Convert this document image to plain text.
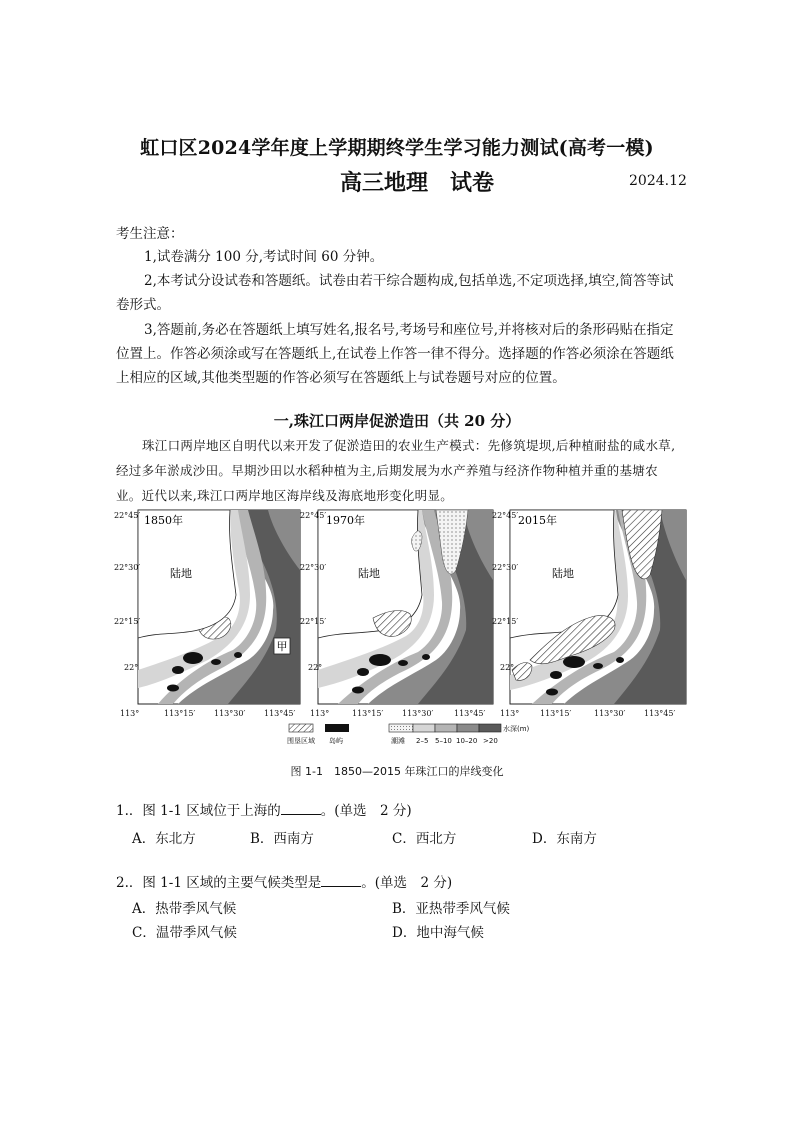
虹口区2024学年度上学期期终学生学习能力测试(高考一模)
高三地理　试卷	2024.12
考生注意：
1,试卷满分 100 分,考试时间 60 分钟。
2,本考试分设试卷和答题纸。试卷由若干综合题构成,包括单选,不定项选择,填空,简答等试卷形式。
3,答题前,务必在答题纸上填写姓名,报名号,考场号和座位号,并将核对后的条形码贴在指定位置上。作答必须涂或写在答题纸上,在试卷上作答一律不得分。选择题的作答必须涂在答题纸上相应的区域,其他类型题的作答必须写在答题纸上与试卷题号对应的位置。
一,珠江口两岸促淤造田（共 20 分）
珠江口两岸地区自明代以来开发了促淤造田的农业生产模式：先修筑堤坝,后种植耐盐的咸水草,经过多年淤成沙田。早期沙田以水稻种植为主,后期发展为水产养殖与经济作物种植并重的基塘农业。近代以来,珠江口两岸地区海岸线及海底地形变化明显。
甲
1850年
陆地
1970年
陆地
2015年
陆地
22°45′
22°30′
22°15′
22°
22°45′
22°30′
22°15′
22°
22°45′
22°30′
22°15′
22°
113°	113°15′ 113°30′ 113°45′ 113°	113°15′ 113°30′	113°45′ 113°	113°15′	113°30′ 113°45′
围垦区域 岛屿	潮滩 2–5 5–10 10–20 >20
水深(m)
图 1-1　1850—2015 年珠江口的岸线变化
1.．图 1-1 区域位于上海的	。(单选　2 分)
A．东北方	B．西南方	C．西北方	D．东南方
2.．图 1-1 区域的主要气候类型是	。(单选　2 分)
A．热带季风气候	B．亚热带季风气候
C．温带季风气候	D．地中海气候
